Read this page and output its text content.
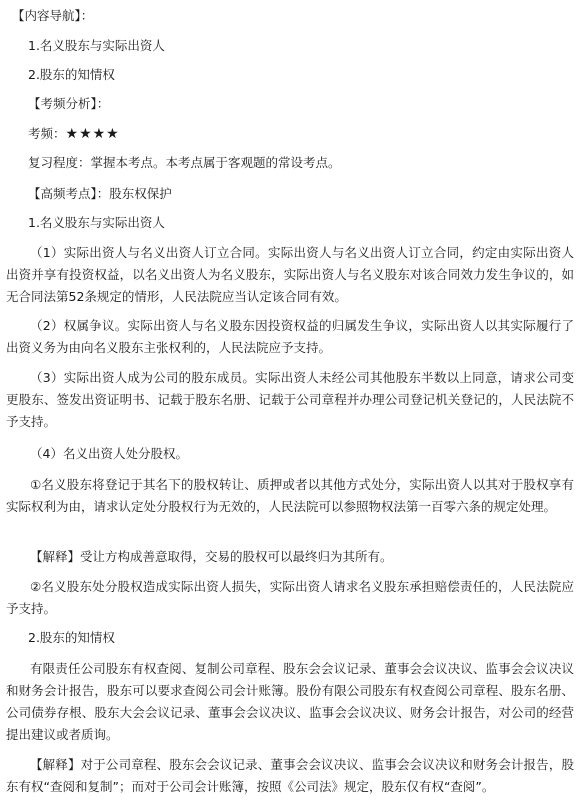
【内容导航】：
1.名义股东与实际出资人
2.股东的知情权
【考频分析】：
考频：★★★★
复习程度：掌握本考点。本考点属于客观题的常设考点。
【高频考点】：股东权保护
1.名义股东与实际出资人
（1）实际出资人与名义出资人订立合同。实际出资人与名义出资人订立合同，约定由实际出资人出资并享有投资权益，以名义出资人为名义股东，实际出资人与名义股东对该合同效力发生争议的，如无合同法第52条规定的情形，人民法院应当认定该合同有效。
（2）权属争议。实际出资人与名义股东因投资权益的归属发生争议，实际出资人以其实际履行了出资义务为由向名义股东主张权利的，人民法院应予支持。
（3）实际出资人成为公司的股东成员。实际出资人未经公司其他股东半数以上同意，请求公司变更股东、签发出资证明书、记载于股东名册、记载于公司章程并办理公司登记机关登记的，人民法院不予支持。
（4）名义出资人处分股权。
①名义股东将登记于其名下的股权转让、质押或者以其他方式处分，实际出资人以其对于股权享有实际权利为由，请求认定处分股权行为无效的，人民法院可以参照物权法第一百零六条的规定处理。
【解释】受让方构成善意取得，交易的股权可以最终归为其所有。
②名义股东处分股权造成实际出资人损失，实际出资人请求名义股东承担赔偿责任的，人民法院应予支持。
2.股东的知情权
有限责任公司股东有权查阅、复制公司章程、股东会会议记录、董事会会议决议、监事会会议决议和财务会计报告，股东可以要求查阅公司会计账簿。股份有限公司股东有权查阅公司章程、股东名册、公司债券存根、股东大会会议记录、董事会会议决议、监事会会议决议、财务会计报告，对公司的经营提出建议或者质询。
【解释】对于公司章程、股东会会议记录、董事会会议决议、监事会会议决议和财务会计报告，股东有权“查阅和复制”；而对于公司会计账簿，按照《公司法》规定，股东仅有权“查阅”。
